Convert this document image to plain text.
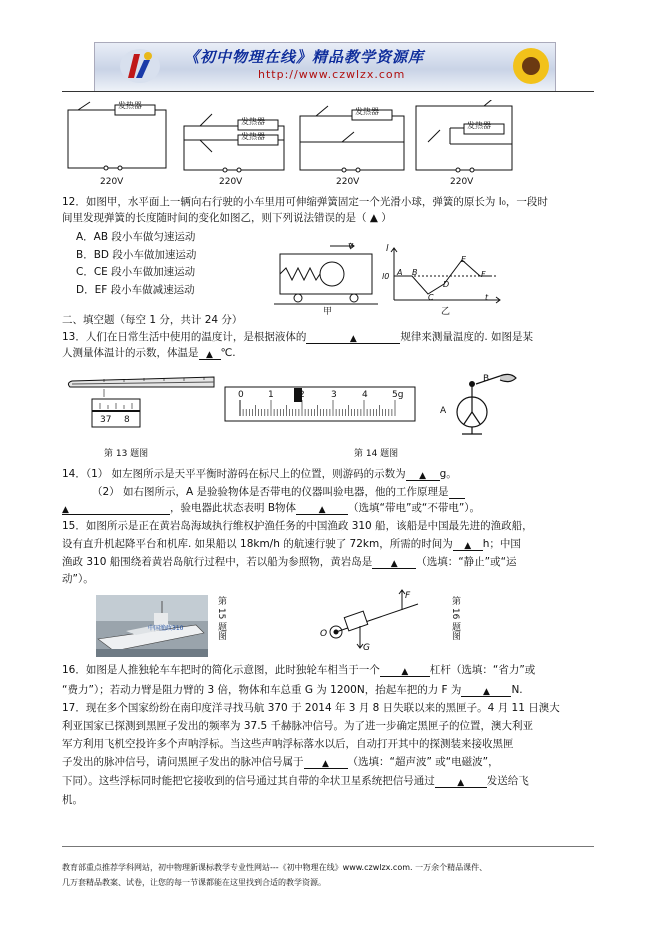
《初中物理在线》精品教学资源库
http://www.czwlzx.com
发热器
发热器
发热器
发热器
发热器
220V	220V	220V	220V
12．如图甲，水平面上一辆向右行驶的小车里用可伸缩弹簧固定一个光滑小球，弹簧的原长为 l₀，一段时
间里发现弹簧的长度随时间的变化如图乙，则下列说法错误的是（ ▲ ）
A．AB 段小车做匀速运动
B．BD 段小车做加速运动
C．CE 段小车做加速运动
D．EF 段小车做减速运动
v
甲
l
l0 A B
C
D
E
F
t
乙
二、填空题（每空 1 分，共计 24 分）
13．人们在日常生活中使用的温度计，是根据液体的	▲	规律来测量温度的. 如图是某
人测量体温计的示数，体温是 ▲ ℃.
37 8
第 13 题图
0	1	2	3	4	5g
第 14 题图
A
B
14．（1） 如左图所示是天平平衡时游码在标尺上的位置，则游码的示数为 ▲ g。
（2） 如右图所示，A 是验验物体是否带电的仪器叫验电器，他的工作原理是
▲	，验电器此状态表明 B物体	▲ （选填“带电”或“不带电”）。
15．如图所示是正在黄岩岛海域执行维权护渔任务的中国渔政 310 船，该船是中国最先进的渔政船，
设有直升机起降平台和机库. 如果船以 18km/h 的航速行驶了 72km，所需的时间为 ▲ h；中国
渔政 310 船围绕着黄岩岛航行过程中，若以船为参照物，黄岩岛是 ▲ （选填：“静止”或“运
动”）。
中国渔政310	第 15 题图	F
G
O	第 16 题图
16．如图是人推独轮车车把时的简化示意图，此时独轮车相当于一个 ▲ 杠杆（选填：“省力”或
“费力”）；若动力臂是阻力臂的 3 倍，物体和车总重 G 为 1200N，抬起车把的力 F 为 ▲ N.
17．现在多个国家纷纷在南印度洋寻找马航 370 于 2014 年 3 月 8 日失联以来的黑匣子。4 月 11 日澳大
利亚国家已探测到黑匣子发出的频率为 37.5 千赫脉冲信号。为了进一步确定黑匣子的位置，澳大利亚
军方利用飞机空投许多个声呐浮标。当这些声呐浮标落水以后，自动打开其中的探测装来接收黑匣
子发出的脉冲信号，请问黑匣子发出的脉冲信号属于 ▲ （选填：“超声波” 或“电磁波”，
下同）。这些浮标同时能把它接收到的信号通过其自带的伞状卫星系统把信号通过	▲ 发送给飞
机。
教育部重点推荐学科网站，初中物理新课标教学专业性网站---《初中物理在线》www.czwlzx.com. 一万余个精品课件、
几万套精品教案、试卷，让您的每一节课都能在这里找到合适的教学资源。
